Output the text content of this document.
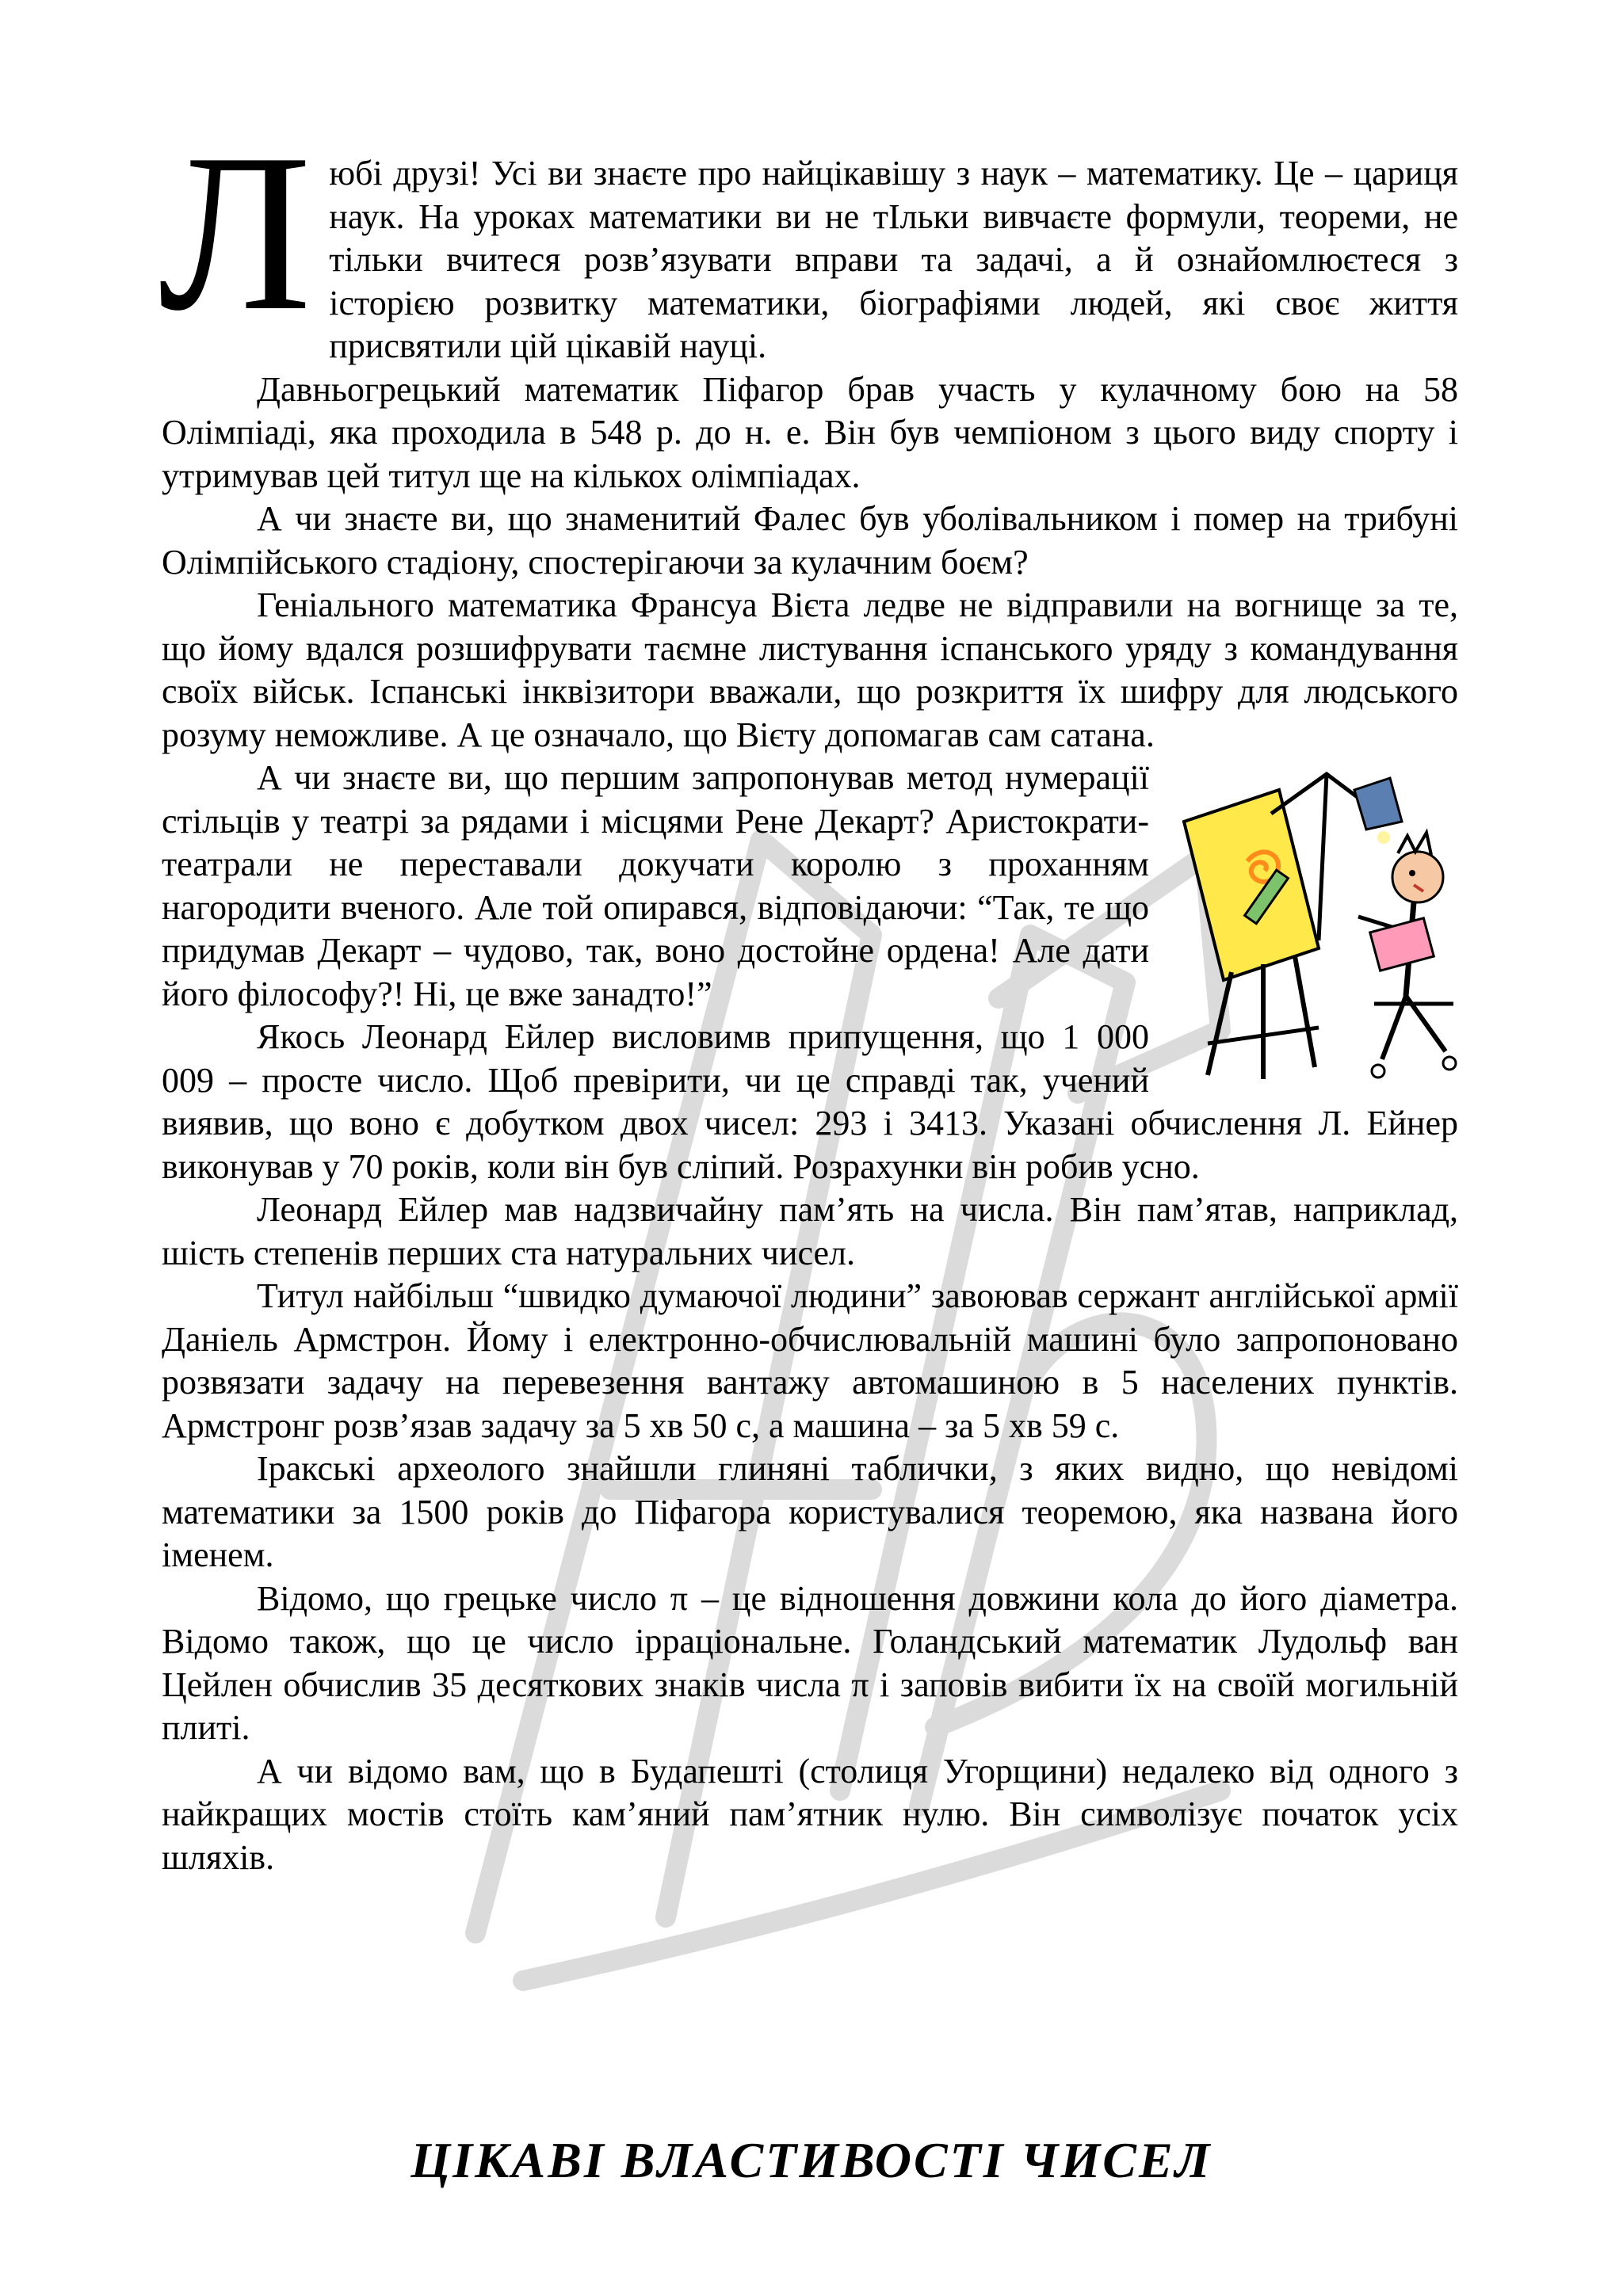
Л юбі друзі! Усі ви знаєте про найцікавішу з наук – математику. Це – цариця наук. На уроках математики ви не тІльки вивчаєте формули, теореми, не тільки вчитеся розв’язувати вправи та задачі, а й ознайомлюєтеся з історією розвитку математики, біографіями людей, які своє життя присвятили цій цікавій науці.

Давньогрецький математик Піфагор брав участь у кулачному бою на 58 Олімпіаді, яка проходила в 548 р. до н. е. Він був чемпіоном з цього виду спорту і утримував цей титул ще на кількох олімпіадах.

А чи знаєте ви, що знаменитий Фалес був уболівальником і помер на трибуні Олімпійського стадіону, спостерігаючи за кулачним боєм?

Геніального математика Франсуа Вієта ледве не відправили на вогнище за те, що йому вдался розшифрувати таємне листування іспанського уряду з командування своїх військ. Іспанські інквізитори вважали, що розкриття їх шифру для людського розуму неможливе. А це означало, що Вієту допомагав сам сатана.

А чи знаєте ви, що першим запропонував метод нумерації стільців у театрі за рядами і місцями Рене Декарт? Аристократи-театрали не переставали докучати королю з проханням нагородити вченого. Але той опирався, відповідаючи: “Так, те що придумав Декарт – чудово, так, воно достойне ордена! Але дати його філософу?! Ні, це вже занадто!”

Якось Леонард Ейлер висловимв припущення, що 1 000 009 – просте число. Щоб превірити, чи це справді так, учений виявив, що воно є добутком двох чисел: 293 і 3413. Указані обчислення Л. Ейнер виконував у 70 років, коли він був сліпий. Розрахунки він робив усно.

Леонард Ейлер мав надзвичайну пам’ять на числа. Він пам’ятав, наприклад, шість степенів перших ста натуральних чисел.

Титул найбільш “швидко думаючої людини” завоював сержант англійської армії Даніель Армстрон. Йому і електронно-обчислювальній машині було запропоновано розвязати задачу на перевезення вантажу автомашиною в 5 населених пунктів. Армстронг розв’язав задачу за 5 хв 50 с, а машина – за 5 хв 59 с.

Іракські археолого знайшли глиняні таблички, з яких видно, що невідомі математики за 1500 років до Піфагора користувалися теоремою, яка названа його іменем.

Відомо, що грецьке число π – це відношення довжини кола до його діаметра. Відомо також, що це число ірраціональне. Голандський математик Лудольф ван Цейлен обчислив 35 десяткових знаків числа π і заповів вибити їх на своїй могильній плиті.

А чи відомо вам, що в Будапешті (столиця Угорщини) недалеко від одного з найкращих мостів стоїть кам’яний пам’ятник нулю. Він символізує початок усіх шляхів.

ЦІКАВІ ВЛАСТИВОСТІ ЧИСЕЛ
